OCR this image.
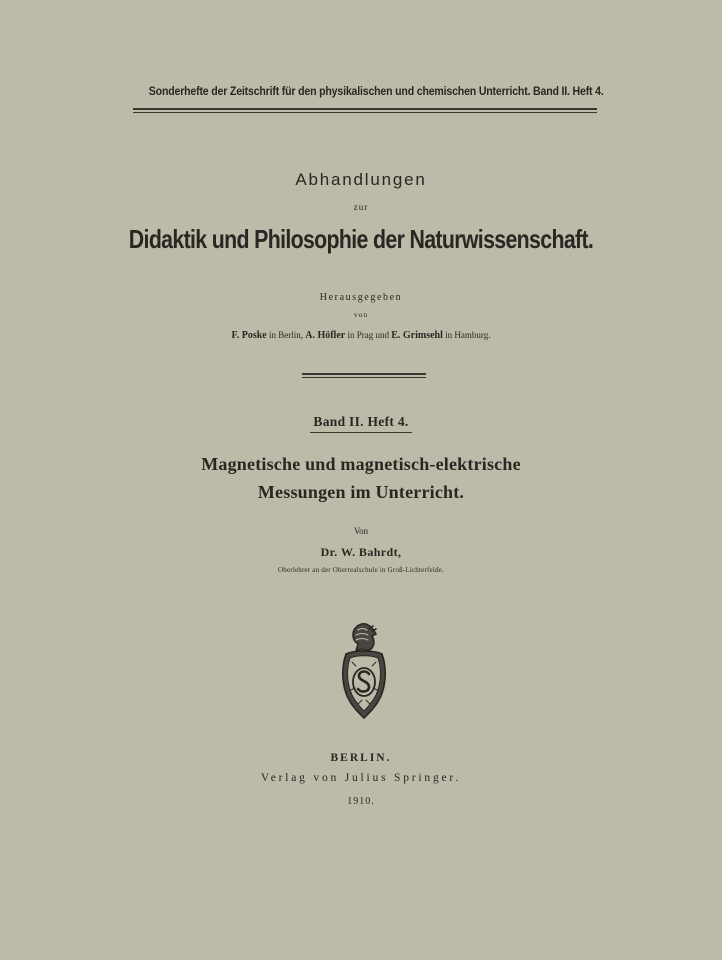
Sonderhefte der Zeitschrift für den physikalischen und chemischen Unterricht. Band II. Heft 4.
Abhandlungen
zur
Didaktik und Philosophie der Naturwissenschaft.
Herausgegeben
von
F. Poske in Berlin, A. Höfler in Prag und E. Grimsehl in Hamburg.
Band II. Heft 4.
Magnetische und magnetisch-elektrische
Messungen im Unterricht.
Von
Dr. W. Bahrdt,
Oberlehrer an der Oberrealschule in Groß-Lichterfelde.
BERLIN.
Verlag von Julius Springer.
1910.
